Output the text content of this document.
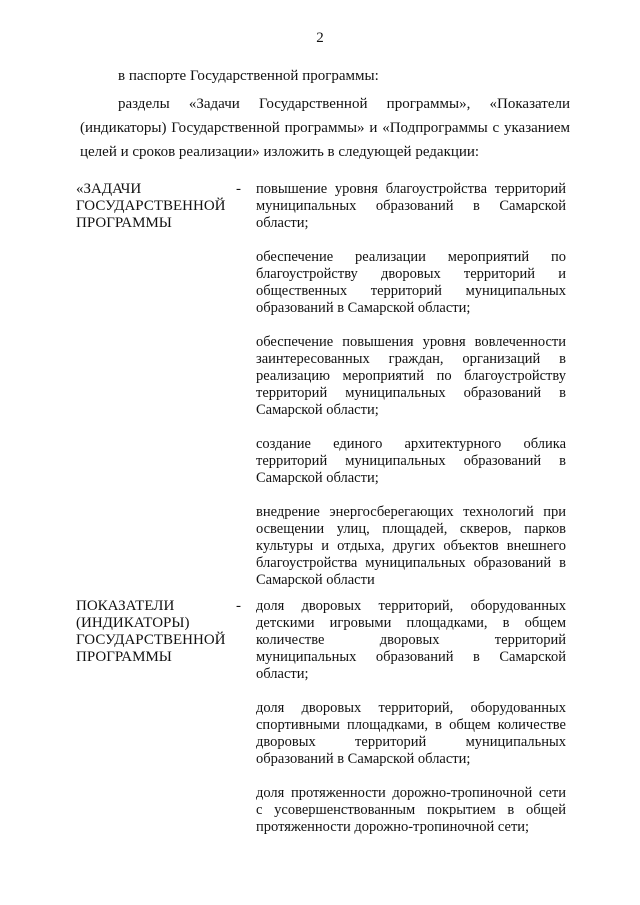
2
в паспорте Государственной программы:
разделы «Задачи Государственной программы», «Показатели (индикаторы) Государственной программы» и «Подпрограммы с указанием целей и сроков реализации» изложить в следующей редакции:
«ЗАДАЧИ ГОСУДАРСТВЕННОЙ ПРОГРАММЫ
- повышение уровня благоустройства территорий муниципальных образований в Самарской области;

обеспечение реализации мероприятий по благоустройству дворовых территорий и общественных территорий муниципальных образований в Самарской области;

обеспечение повышения уровня вовлеченности заинтересованных граждан, организаций в реализацию мероприятий по благоустройству территорий муниципальных образований в Самарской области;

создание единого архитектурного облика территорий муниципальных образований в Самарской области;

внедрение энергосберегающих технологий при освещении улиц, площадей, скверов, парков культуры и отдыха, других объектов внешнего благоустройства муниципальных образований в Самарской области

ПОКАЗАТЕЛИ (ИНДИКАТОРЫ) ГОСУДАРСТВЕННОЙ ПРОГРАММЫ
- доля дворовых территорий, оборудованных детскими игровыми площадками, в общем количестве дворовых территорий муниципальных образований в Самарской области;

доля дворовых территорий, оборудованных спортивными площадками, в общем количестве дворовых территорий муниципальных образований в Самарской области;

доля протяженности дорожно-тропиночной сети с усовершенствованным покрытием в общей протяженности дорожно-тропиночной сети;
